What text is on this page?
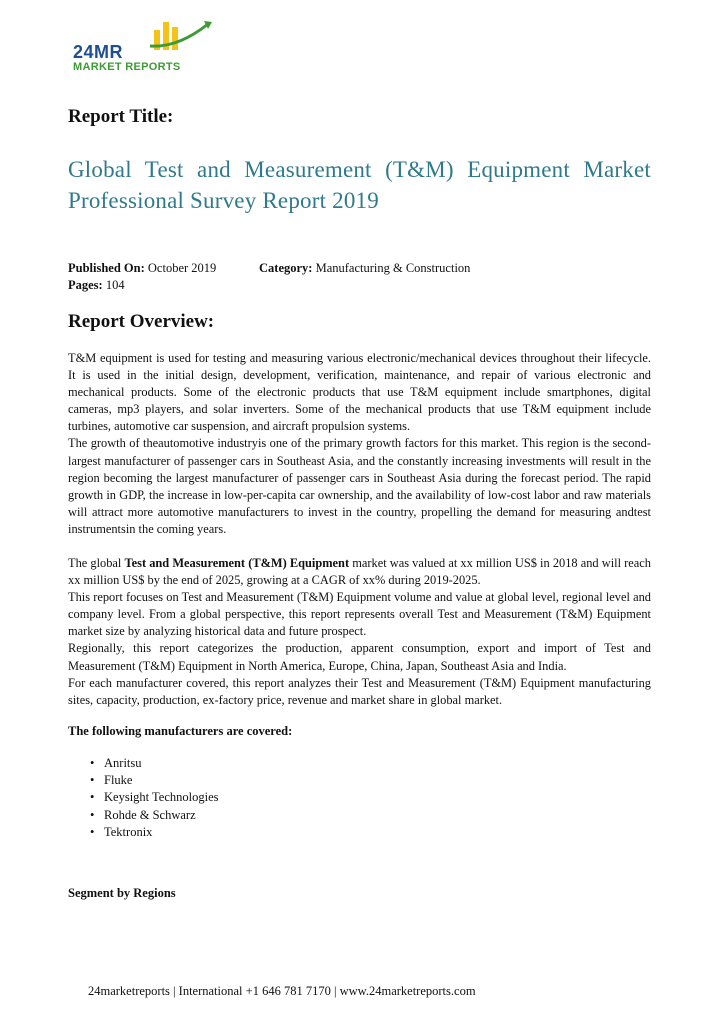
24MR
MARKET REPORTS
Report Title:
Global Test and Measurement (T&M) Equipment Market Professional Survey Report 2019
Published On: October 2019	Category: Manufacturing & Construction
Pages: 104
Report Overview:

T&M equipment is used for testing and measuring various electronic/mechanical devices throughout their lifecycle. It is used in the initial design, development, verification, maintenance, and repair of various electronic and mechanical products. Some of the electronic products that use T&M equipment include smartphones, digital cameras, mp3 players, and solar inverters. Some of the mechanical products that use T&M equipment include turbines, automotive car suspension, and aircraft propulsion systems.

The growth of theautomotive industryis one of the primary growth factors for this market. This region is the second-largest manufacturer of passenger cars in Southeast Asia, and the constantly increasing investments will result in the region becoming the largest manufacturer of passenger cars in Southeast Asia during the forecast period. The rapid growth in GDP, the increase in low-per-capita car ownership, and the availability of low-cost labor and raw materials will attract more automotive manufacturers to invest in the country, propelling the demand for measuring andtest instrumentsin the coming years.

The global Test and Measurement (T&M) Equipment market was valued at xx million US$ in 2018 and will reach xx million US$ by the end of 2025, growing at a CAGR of xx% during 2019-2025.

This report focuses on Test and Measurement (T&M) Equipment volume and value at global level, regional level and company level. From a global perspective, this report represents overall Test and Measurement (T&M) Equipment market size by analyzing historical data and future prospect.

Regionally, this report categorizes the production, apparent consumption, export and import of Test and Measurement (T&M) Equipment in North America, Europe, China, Japan, Southeast Asia and India.

For each manufacturer covered, this report analyzes their Test and Measurement (T&M) Equipment manufacturing sites, capacity, production, ex-factory price, revenue and market share in global market.

The following manufacturers are covered:
• Anritsu
• Fluke
• Keysight Technologies
• Rohde & Schwarz
• Tektronix
Segment by Regions
24marketreports | International +1 646 781 7170 | www.24marketreports.com
